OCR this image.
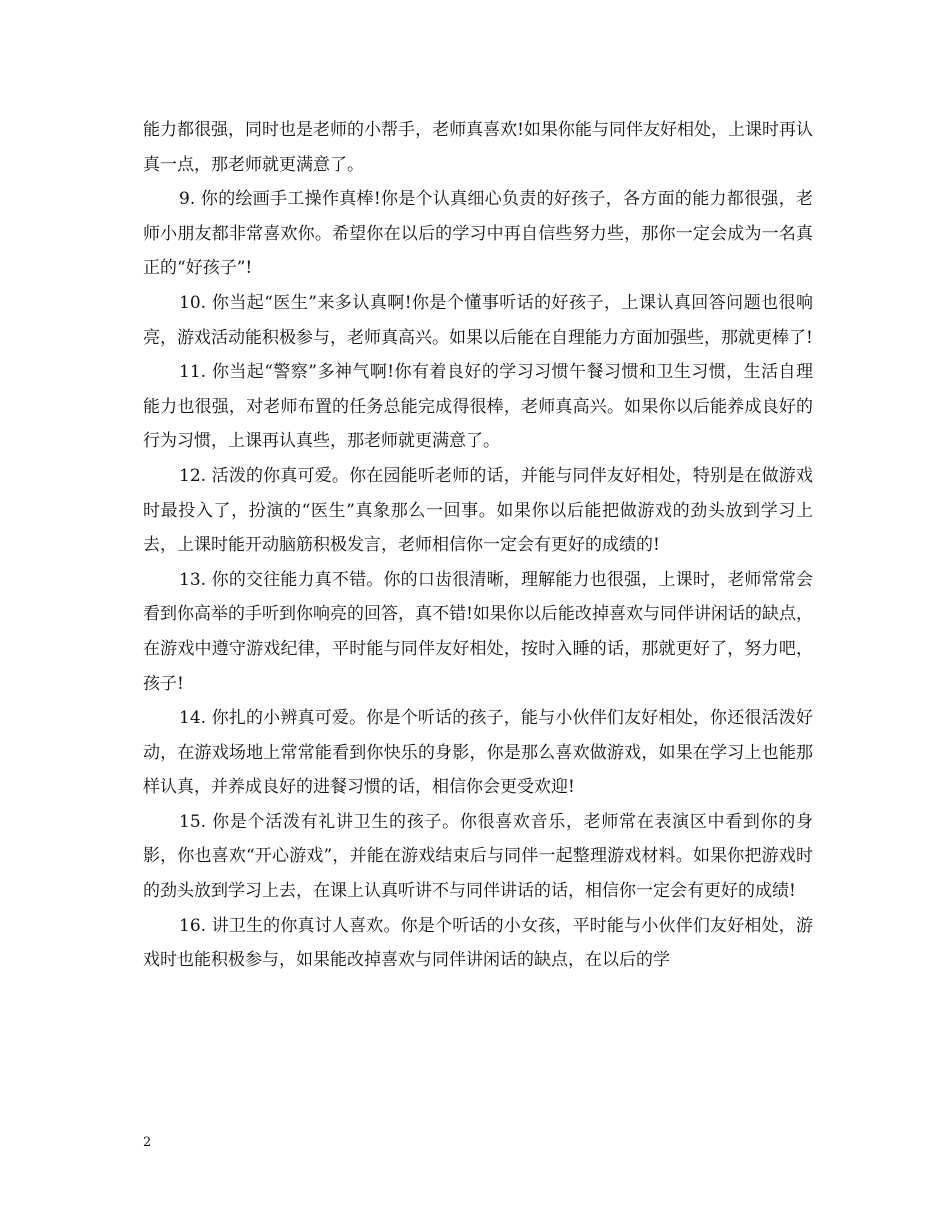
能力都很强，同时也是老师的小帮手，老师真喜欢!如果你能与同伴友好相处，上课时再认真一点，那老师就更满意了。

9. 你的绘画手工操作真棒!你是个认真细心负责的好孩子，各方面的能力都很强，老师小朋友都非常喜欢你。希望你在以后的学习中再自信些努力些，那你一定会成为一名真正的“好孩子”!

10. 你当起“医生”来多认真啊!你是个懂事听话的好孩子，上课认真回答问题也很响亮，游戏活动能积极参与，老师真高兴。如果以后能在自理能力方面加强些，那就更棒了!

11. 你当起“警察”多神气啊!你有着良好的学习习惯午餐习惯和卫生习惯，生活自理能力也很强，对老师布置的任务总能完成得很棒，老师真高兴。如果你以后能养成良好的行为习惯，上课再认真些，那老师就更满意了。

12. 活泼的你真可爱。你在园能听老师的话，并能与同伴友好相处，特别是在做游戏时最投入了，扮演的“医生”真象那么一回事。如果你以后能把做游戏的劲头放到学习上去，上课时能开动脑筋积极发言，老师相信你一定会有更好的成绩的!

13. 你的交往能力真不错。你的口齿很清晰，理解能力也很强，上课时，老师常常会看到你高举的手听到你响亮的回答，真不错!如果你以后能改掉喜欢与同伴讲闲话的缺点，在游戏中遵守游戏纪律，平时能与同伴友好相处，按时入睡的话，那就更好了，努力吧，孩子!

14. 你扎的小辨真可爱。你是个听话的孩子，能与小伙伴们友好相处，你还很活泼好动，在游戏场地上常常能看到你快乐的身影，你是那么喜欢做游戏，如果在学习上也能那样认真，并养成良好的进餐习惯的话，相信你会更受欢迎!

15. 你是个活泼有礼讲卫生的孩子。你很喜欢音乐，老师常在表演区中看到你的身影，你也喜欢“开心游戏”，并能在游戏结束后与同伴一起整理游戏材料。如果你把游戏时的劲头放到学习上去，在课上认真听讲不与同伴讲话的话，相信你一定会有更好的成绩!

16. 讲卫生的你真讨人喜欢。你是个听话的小女孩，平时能与小伙伴们友好相处，游戏时也能积极参与，如果能改掉喜欢与同伴讲闲话的缺点，在以后的学

2
